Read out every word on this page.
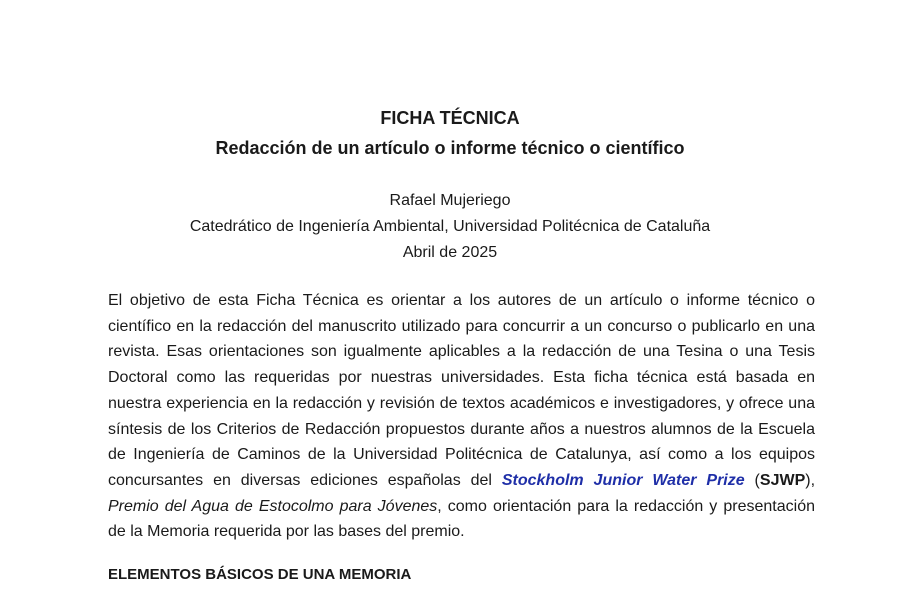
FICHA TÉCNICA
Redacción de un artículo o informe técnico o científico

Rafael Mujeriego

Catedrático de Ingeniería Ambiental, Universidad Politécnica de Cataluña

Abril de 2025

El objetivo de esta Ficha Técnica es orientar a los autores de un artículo o informe técnico o científico en la redacción del manuscrito utilizado para concurrir a un concurso o publicarlo en una revista. Esas orientaciones son igualmente aplicables a la redacción de una Tesina o una Tesis Doctoral como las requeridas por nuestras universidades. Esta ficha técnica está basada en nuestra experiencia en la redacción y revisión de textos académicos e investigadores, y ofrece una síntesis de los Criterios de Redacción propuestos durante años a nuestros alumnos de la Escuela de Ingeniería de Caminos de la Universidad Politécnica de Catalunya, así como a los equipos concursantes en diversas ediciones españolas del Stockholm Junior Water Prize (SJWP), Premio del Agua de Estocolmo para Jóvenes, como orientación para la redacción y presentación de la Memoria requerida por las bases del premio.

ELEMENTOS BÁSICOS DE UNA MEMORIA
